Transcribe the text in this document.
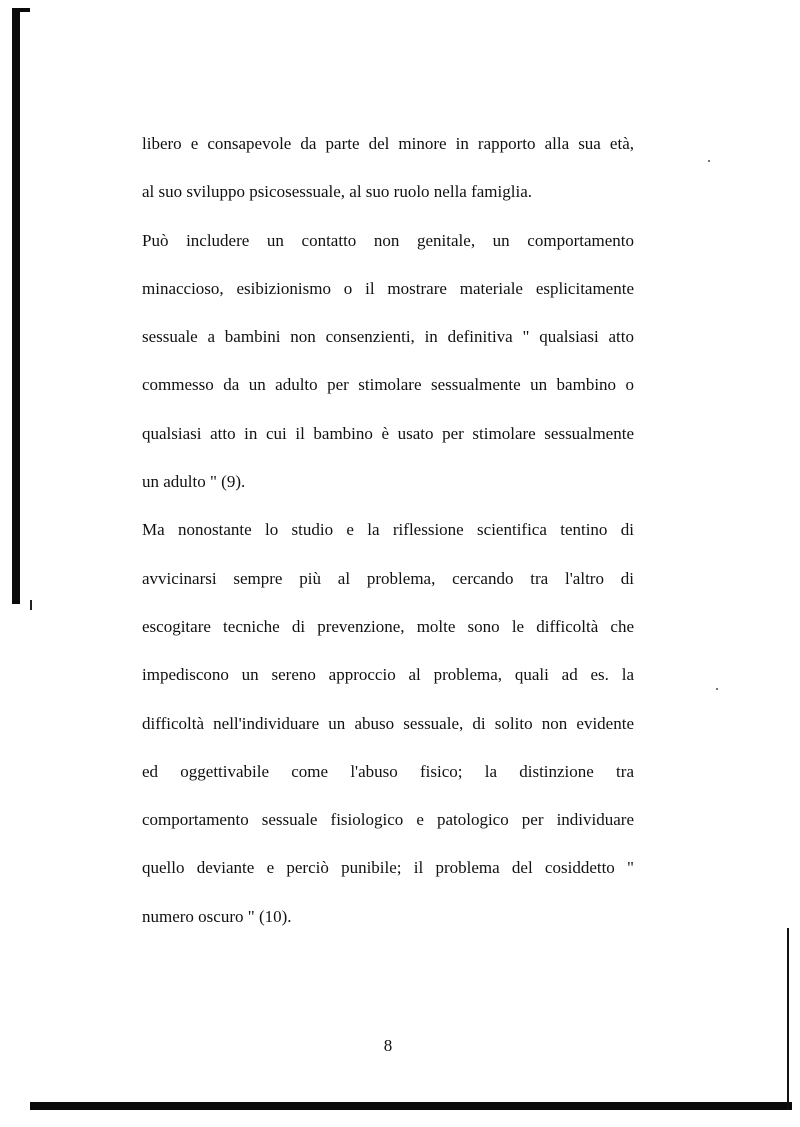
libero e consapevole da parte del minore in rapporto alla sua età,
al suo sviluppo psicosessuale, al suo ruolo nella famiglia.
Può includere un contatto non genitale, un comportamento
minaccioso, esibizionismo o il mostrare materiale esplicitamente
sessuale a bambini non consenzienti, in definitiva " qualsiasi atto
commesso da un adulto per stimolare sessualmente un bambino o
qualsiasi atto in cui il bambino è usato per stimolare sessualmente
un adulto " (9).
Ma nonostante lo studio e la riflessione scientifica tentino di
avvicinarsi sempre più al problema, cercando tra l'altro di
escogitare tecniche di prevenzione, molte sono le difficoltà che
impediscono un sereno approccio al problema, quali ad es. la
difficoltà nell'individuare un abuso sessuale, di solito non evidente
ed oggettivabile come l'abuso fisico; la distinzione tra
comportamento sessuale fisiologico e patologico per individuare
quello deviante e perciò punibile; il problema del cosiddetto "
numero oscuro " (10).
8
